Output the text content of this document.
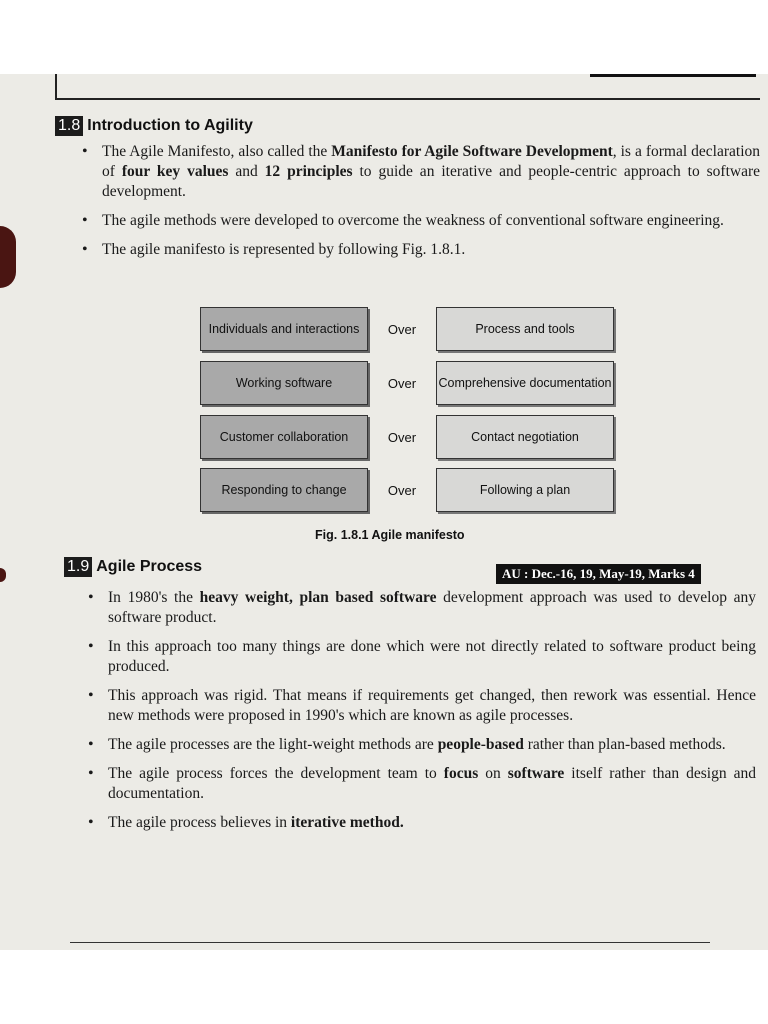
1.8 Introduction to Agility
• The Agile Manifesto, also called the Manifesto for Agile Software Development, is a formal declaration of four key values and 12 principles to guide an iterative and people-centric approach to software development.
• The agile methods were developed to overcome the weakness of conventional software engineering.
• The agile manifesto is represented by following Fig. 1.8.1.
Individuals and interactions	Over	Process and tools
Working software	Over	Comprehensive documentation
Customer collaboration	Over	Contact negotiation
Responding to change	Over	Following a plan
Fig. 1.8.1 Agile manifesto
1.9 Agile Process	AU : Dec.-16, 19, May-19, Marks 4
• In 1980's the heavy weight, plan based software development approach was used to develop any software product.
• In this approach too many things are done which were not directly related to software product being produced.
• This approach was rigid. That means if requirements get changed, then rework was essential. Hence new methods were proposed in 1990's which are known as agile processes.
• The agile processes are the light-weight methods are people-based rather than plan-based methods.
• The agile process forces the development team to focus on software itself rather than design and documentation.
• The agile process believes in iterative method.
